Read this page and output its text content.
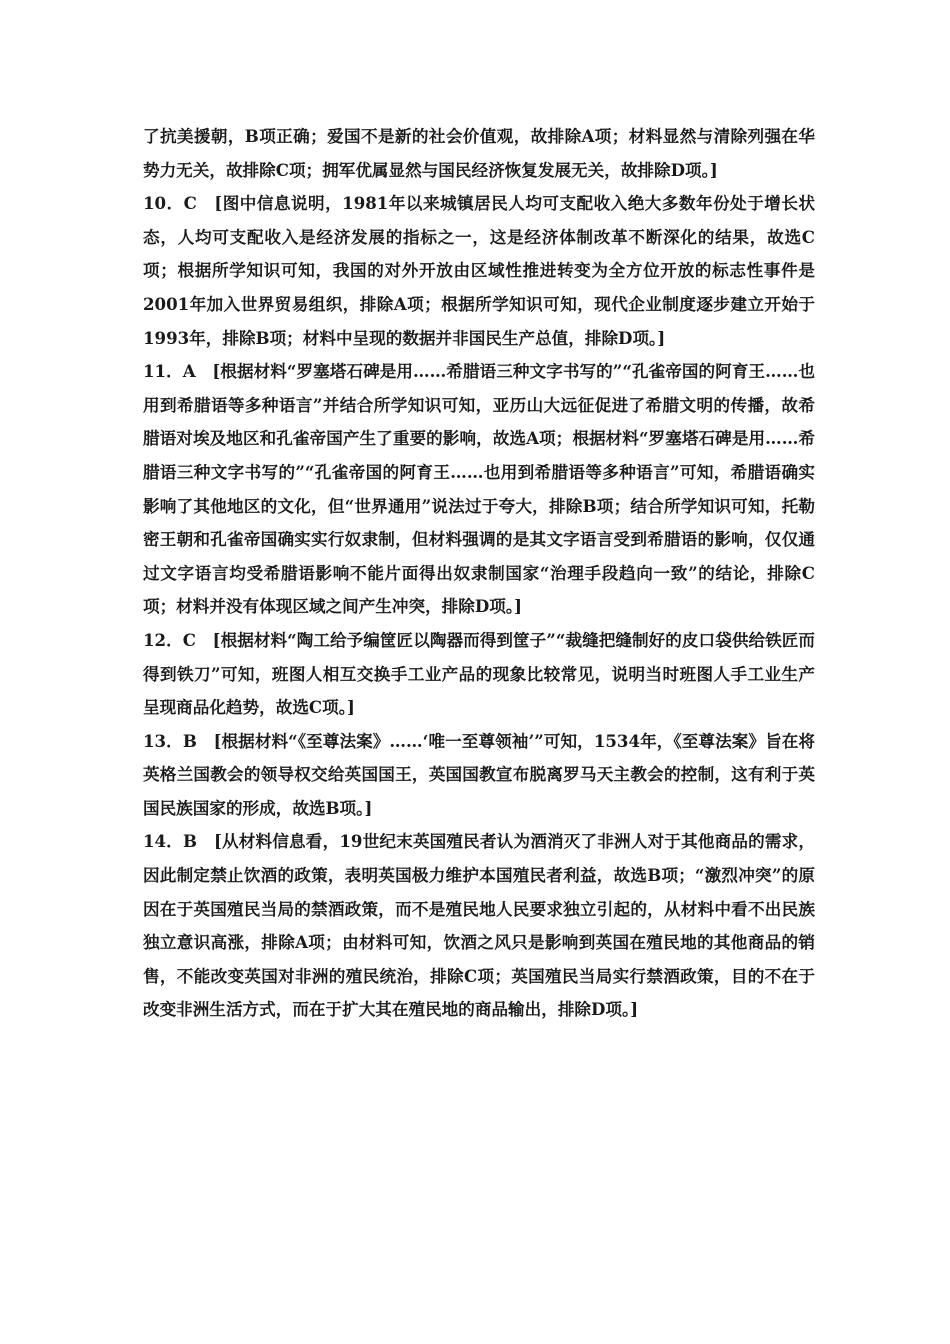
了抗美援朝，B项正确；爱国不是新的社会价值观，故排除A项；材料显然与清除列强在华势力无关，故排除C项；拥军优属显然与国民经济恢复发展无关，故排除D项。]

10．C　[图中信息说明，1981年以来城镇居民人均可支配收入绝大多数年份处于增长状态，人均可支配收入是经济发展的指标之一，这是经济体制改革不断深化的结果，故选C项；根据所学知识可知，我国的对外开放由区域性推进转变为全方位开放的标志性事件是2001年加入世界贸易组织，排除A项；根据所学知识可知，现代企业制度逐步建立开始于1993年，排除B项；材料中呈现的数据并非国民生产总值，排除D项。]

11．A　[根据材料“罗塞塔石碑是用……希腊语三种文字书写的”“孔雀帝国的阿育王……也用到希腊语等多种语言”并结合所学知识可知，亚历山大远征促进了希腊文明的传播，故希腊语对埃及地区和孔雀帝国产生了重要的影响，故选A项；根据材料“罗塞塔石碑是用……希腊语三种文字书写的”“孔雀帝国的阿育王……也用到希腊语等多种语言”可知，希腊语确实影响了其他地区的文化，但“世界通用”说法过于夸大，排除B项；结合所学知识可知，托勒密王朝和孔雀帝国确实实行奴隶制，但材料强调的是其文字语言受到希腊语的影响，仅仅通过文字语言均受希腊语影响不能片面得出奴隶制国家“治理手段趋向一致”的结论，排除C项；材料并没有体现区域之间产生冲突，排除D项。]

12．C　[根据材料“陶工给予编筐匠以陶器而得到筐子”“裁缝把缝制好的皮口袋供给铁匠而得到铁刀”可知，班图人相互交换手工业产品的现象比较常见，说明当时班图人手工业生产呈现商品化趋势，故选C项。]

13．B　[根据材料“《至尊法案》……‘唯一至尊领袖’”可知，1534年，《至尊法案》旨在将英格兰国教会的领导权交给英国国王，英国国教宣布脱离罗马天主教会的控制，这有利于英国民族国家的形成，故选B项。]

14．B　[从材料信息看，19世纪末英国殖民者认为酒消灭了非洲人对于其他商品的需求，因此制定禁止饮酒的政策，表明英国极力维护本国殖民者利益，故选B项；“激烈冲突”的原因在于英国殖民当局的禁酒政策，而不是殖民地人民要求独立引起的，从材料中看不出民族独立意识高涨，排除A项；由材料可知，饮酒之风只是影响到英国在殖民地的其他商品的销售，不能改变英国对非洲的殖民统治，排除C项；英国殖民当局实行禁酒政策，目的不在于改变非洲生活方式，而在于扩大其在殖民地的商品输出，排除D项。]
